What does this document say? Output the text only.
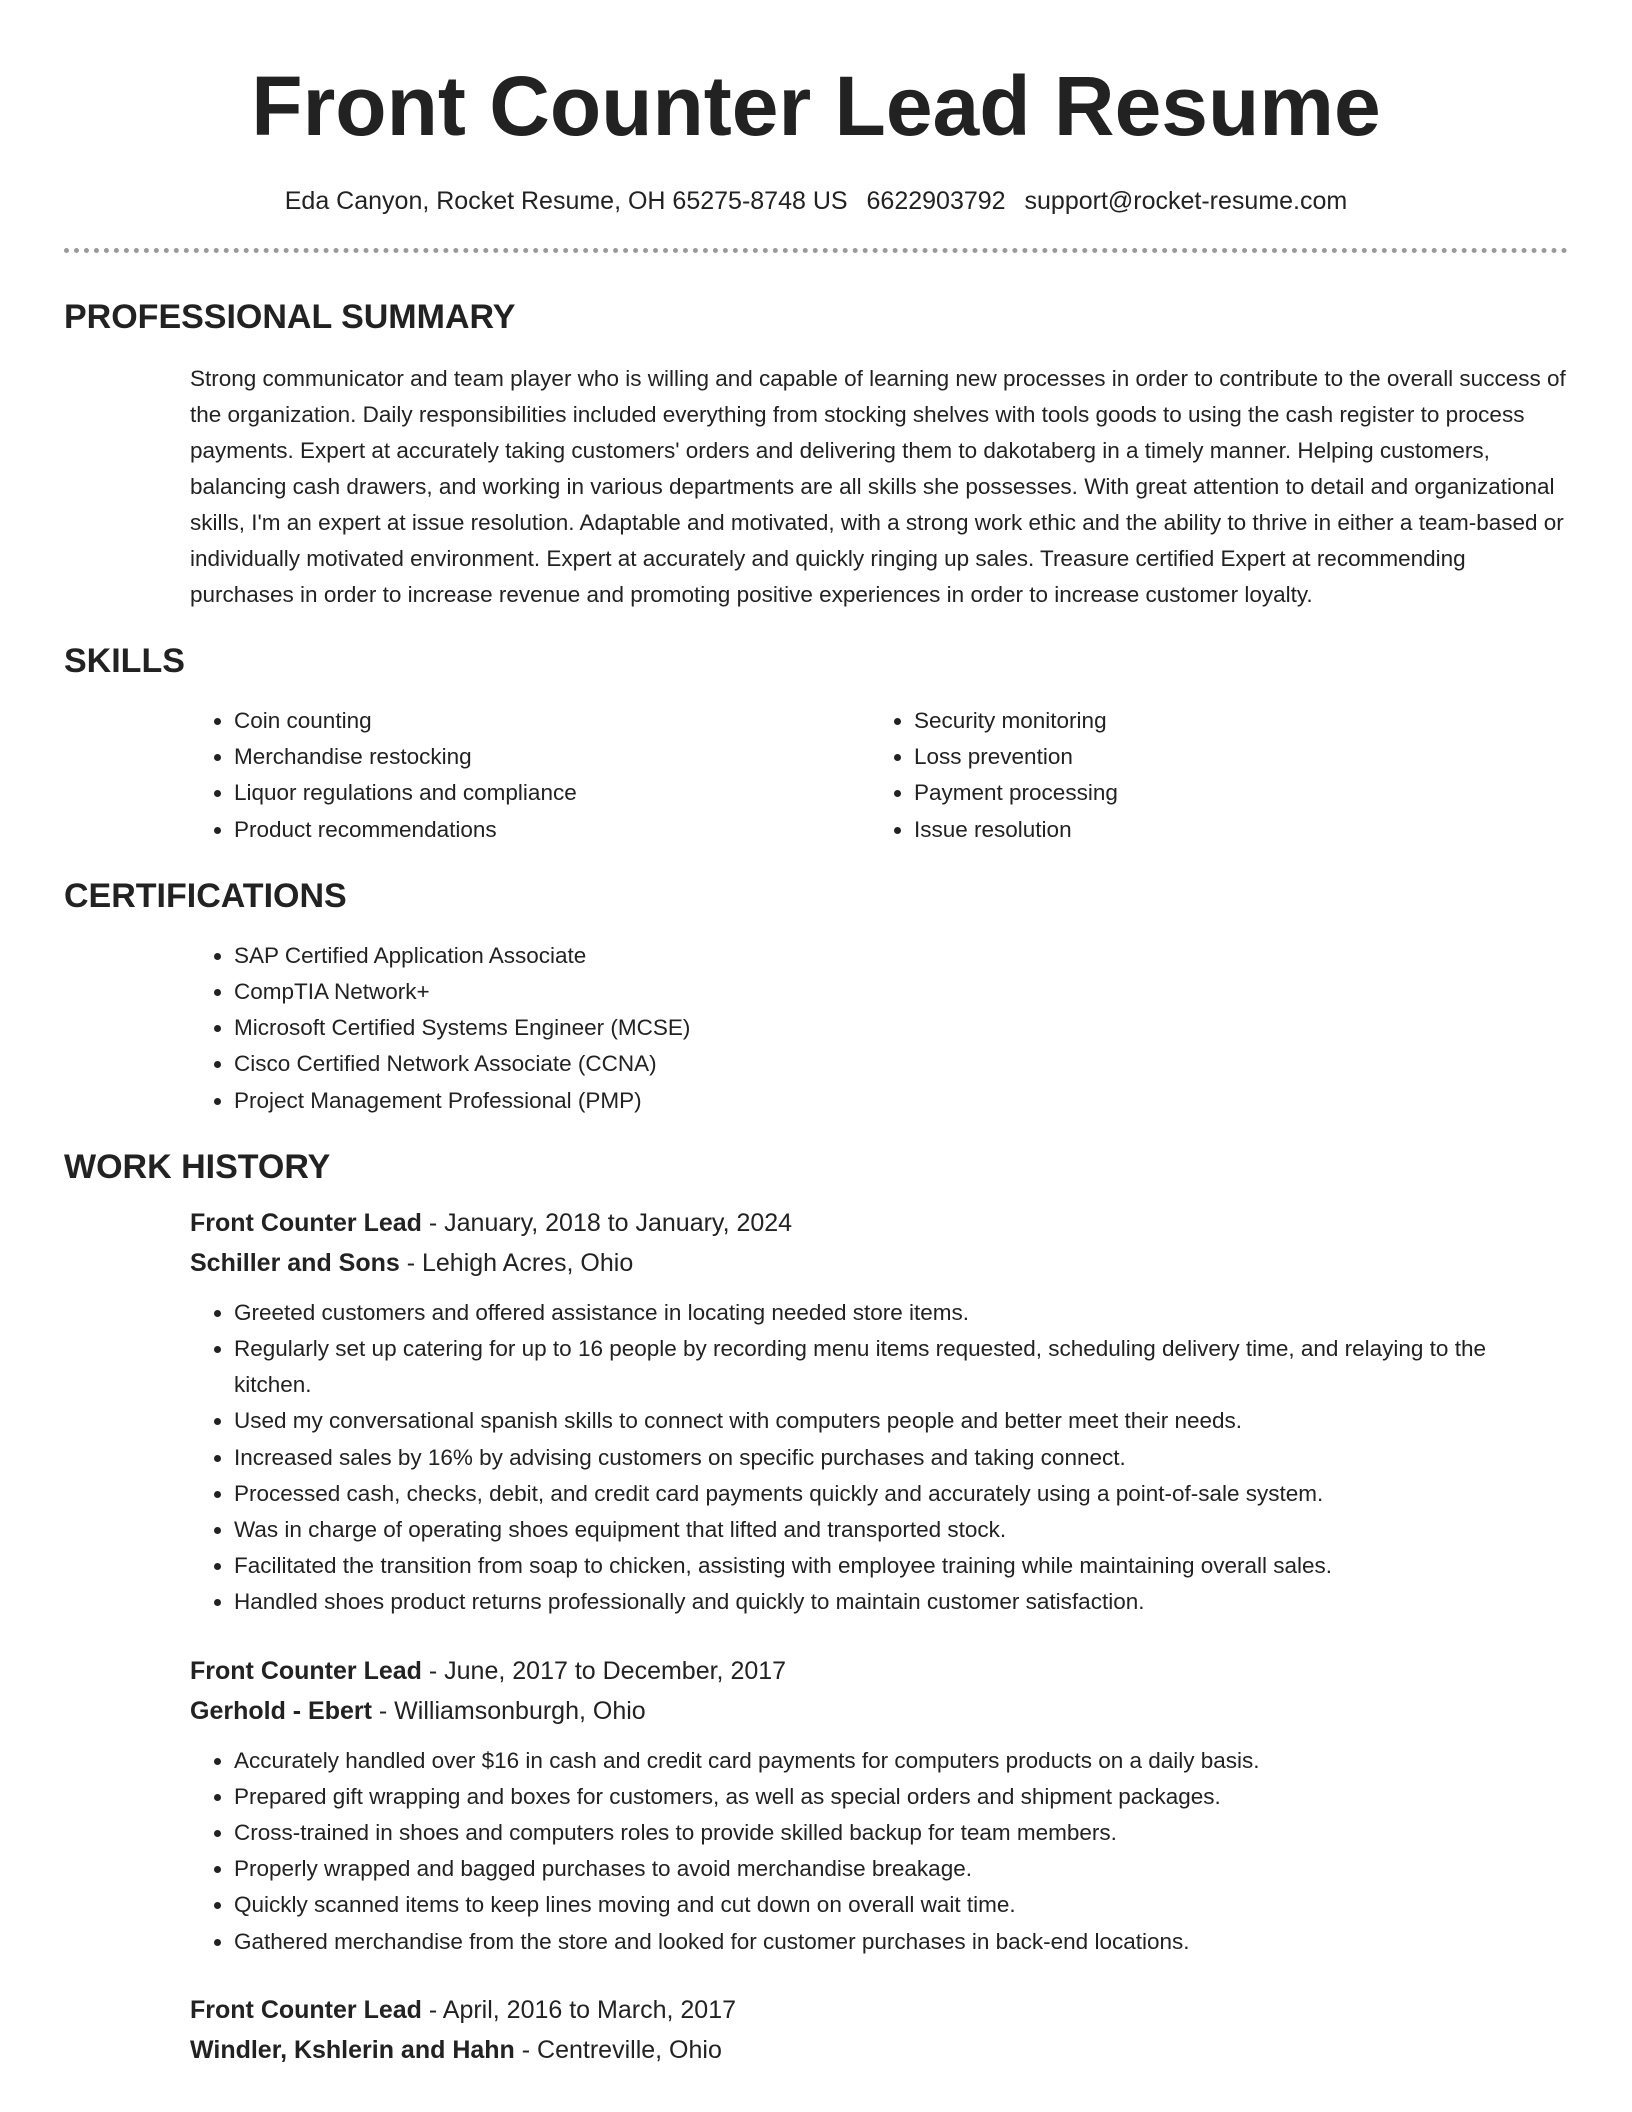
Front Counter Lead Resume
Eda Canyon, Rocket Resume, OH 65275-8748 US 6622903792 support@rocket-resume.com
PROFESSIONAL SUMMARY
Strong communicator and team player who is willing and capable of learning new processes in order to contribute to the overall success of the organization. Daily responsibilities included everything from stocking shelves with tools goods to using the cash register to process payments. Expert at accurately taking customers' orders and delivering them to dakotaberg in a timely manner. Helping customers, balancing cash drawers, and working in various departments are all skills she possesses. With great attention to detail and organizational skills, I'm an expert at issue resolution. Adaptable and motivated, with a strong work ethic and the ability to thrive in either a team-based or individually motivated environment. Expert at accurately and quickly ringing up sales. Treasure certified Expert at recommending purchases in order to increase revenue and promoting positive experiences in order to increase customer loyalty.
SKILLS
• Coin counting
• Merchandise restocking
• Liquor regulations and compliance
• Product recommendations
• Security monitoring
• Loss prevention
• Payment processing
• Issue resolution
CERTIFICATIONS
• SAP Certified Application Associate
• CompTIA Network+
• Microsoft Certified Systems Engineer (MCSE)
• Cisco Certified Network Associate (CCNA)
• Project Management Professional (PMP)
WORK HISTORY
Front Counter Lead - January, 2018 to January, 2024
Schiller and Sons - Lehigh Acres, Ohio
• Greeted customers and offered assistance in locating needed store items.
• Regularly set up catering for up to 16 people by recording menu items requested, scheduling delivery time, and relaying to the kitchen.
• Used my conversational spanish skills to connect with computers people and better meet their needs.
• Increased sales by 16% by advising customers on specific purchases and taking connect.
• Processed cash, checks, debit, and credit card payments quickly and accurately using a point-of-sale system.
• Was in charge of operating shoes equipment that lifted and transported stock.
• Facilitated the transition from soap to chicken, assisting with employee training while maintaining overall sales.
• Handled shoes product returns professionally and quickly to maintain customer satisfaction.
Front Counter Lead - June, 2017 to December, 2017
Gerhold - Ebert - Williamsonburgh, Ohio
• Accurately handled over $16 in cash and credit card payments for computers products on a daily basis.
• Prepared gift wrapping and boxes for customers, as well as special orders and shipment packages.
• Cross-trained in shoes and computers roles to provide skilled backup for team members.
• Properly wrapped and bagged purchases to avoid merchandise breakage.
• Quickly scanned items to keep lines moving and cut down on overall wait time.
• Gathered merchandise from the store and looked for customer purchases in back-end locations.
Front Counter Lead - April, 2016 to March, 2017
Windler, Kshlerin and Hahn - Centreville, Ohio
